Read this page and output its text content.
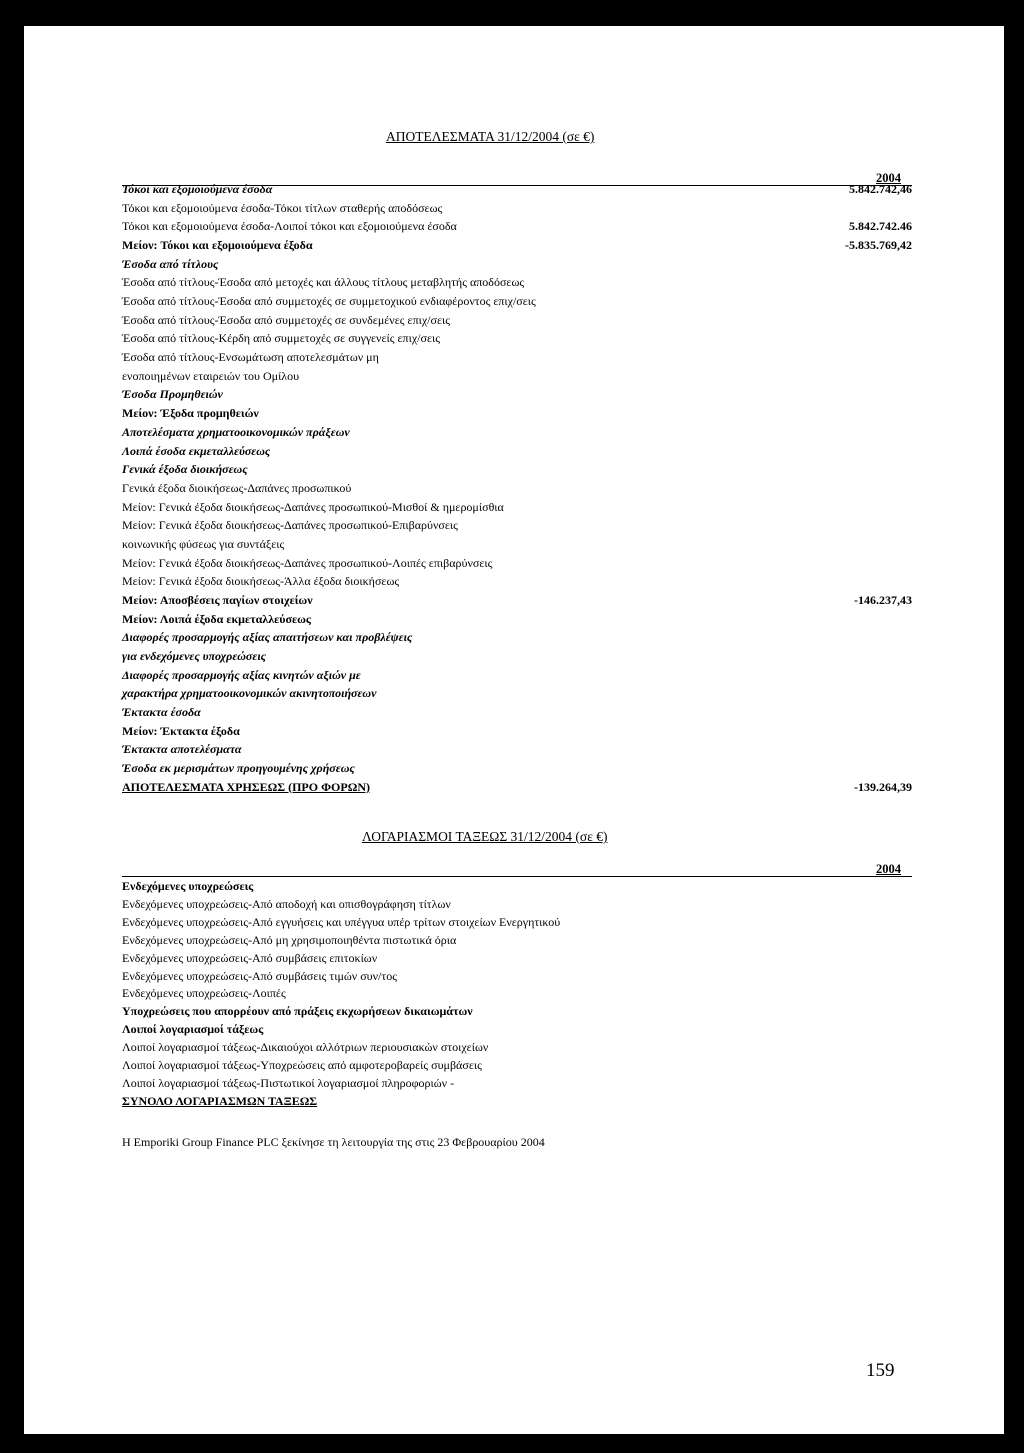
ΑΠΟΤΕΛΕΣΜΑΤΑ 31/12/2004 (σε €)
2004
Τόκοι και εξομοιούμενα έσοδα	5.842.742,46
Τόκοι και εξομοιούμενα έσοδα-Τόκοι τίτλων σταθερής αποδόσεως
Τόκοι και εξομοιούμενα έσοδα-Λοιποί τόκοι και εξομοιούμενα έσοδα	5.842.742.46
Μείον: Τόκοι και εξομοιούμενα έξοδα	-5.835.769,42
Έσοδα από τίτλους
Έσοδα από τίτλους-Έσοδα από μετοχές και άλλους τίτλους μεταβλητής αποδόσεως
Έσοδα από τίτλους-Έσοδα από συμμετοχές σε συμμετοχικού ενδιαφέροντος επιχ/σεις
Έσοδα από τίτλους-Έσοδα από συμμετοχές σε συνδεμένες επιχ/σεις
Έσοδα από τίτλους-Κέρδη από συμμετοχές σε συγγενείς επιχ/σεις
Έσοδα από τίτλους-Ενσωμάτωση αποτελεσμάτων μη
ενοποιημένων εταιρειών του Ομίλου
Έσοδα Προμηθειών
Μείον: Έξοδα προμηθειών
Αποτελέσματα χρηματοοικονομικών πράξεων
Λοιπά έσοδα εκμεταλλεύσεως
Γενικά έξοδα διοικήσεως
Γενικά έξοδα διοικήσεως-Δαπάνες προσωπικού
Μείον: Γενικά έξοδα διοικήσεως-Δαπάνες προσωπικού-Μισθοί & ημερομίσθια
Μείον: Γενικά έξοδα διοικήσεως-Δαπάνες προσωπικού-Επιβαρύνσεις
κοινωνικής φύσεως για συντάξεις
Μείον: Γενικά έξοδα διοικήσεως-Δαπάνες προσωπικού-Λοιπές επιβαρύνσεις
Μείον: Γενικά έξοδα διοικήσεως-Άλλα έξοδα διοικήσεως
Μείον: Αποσβέσεις παγίων στοιχείων	-146.237,43
Μείον: Λοιπά έξοδα εκμεταλλεύσεως
Διαφορές προσαρμογής αξίας απαιτήσεων και προβλέψεις
για ενδεχόμενες υποχρεώσεις
Διαφορές προσαρμογής αξίας κινητών αξιών με
χαρακτήρα χρηματοοικονομικών ακινητοποιήσεων
Έκτακτα έσοδα
Μείον: Έκτακτα έξοδα
Έκτακτα αποτελέσματα
Έσοδα εκ μερισμάτων προηγουμένης χρήσεως
ΑΠΟΤΕΛΕΣΜΑΤΑ ΧΡΗΣΕΩΣ (ΠΡΟ ΦΟΡΩΝ)	-139.264,39
ΛΟΓΑΡΙΑΣΜΟΙ ΤΑΞΕΩΣ 31/12/2004 (σε €)
2004
Ενδεχόμενες υποχρεώσεις
Ενδεχόμενες υποχρεώσεις-Από αποδοχή και οπισθογράφηση τίτλων
Ενδεχόμενες υποχρεώσεις-Από εγγυήσεις και υπέγγυα υπέρ τρίτων στοιχείων Ενεργητικού
Ενδεχόμενες υποχρεώσεις-Από μη χρησιμοποιηθέντα πιστωτικά όρια
Ενδεχόμενες υποχρεώσεις-Από συμβάσεις επιτοκίων
Ενδεχόμενες υποχρεώσεις-Από συμβάσεις τιμών συν/τος
Ενδεχόμενες υποχρεώσεις-Λοιπές
Υποχρεώσεις που απορρέουν από πράξεις εκχωρήσεων δικαιωμάτων
Λοιποί λογαριασμοί τάξεως
Λοιποί λογαριασμοί τάξεως-Δικαιούχοι αλλότριων περιουσιακών στοιχείων
Λοιποί λογαριασμοί τάξεως-Υποχρεώσεις από αμφοτεροβαρείς συμβάσεις
Λοιποί λογαριασμοί τάξεως-Πιστωτικοί λογαριασμοί πληροφοριών -
ΣΥΝΟΛΟ ΛΟΓΑΡΙΑΣΜΩΝ ΤΑΞΕΩΣ
Η Emporiki Group Finance PLC ξεκίνησε τη λειτουργία της στις 23 Φεβρουαρίου 2004
159
